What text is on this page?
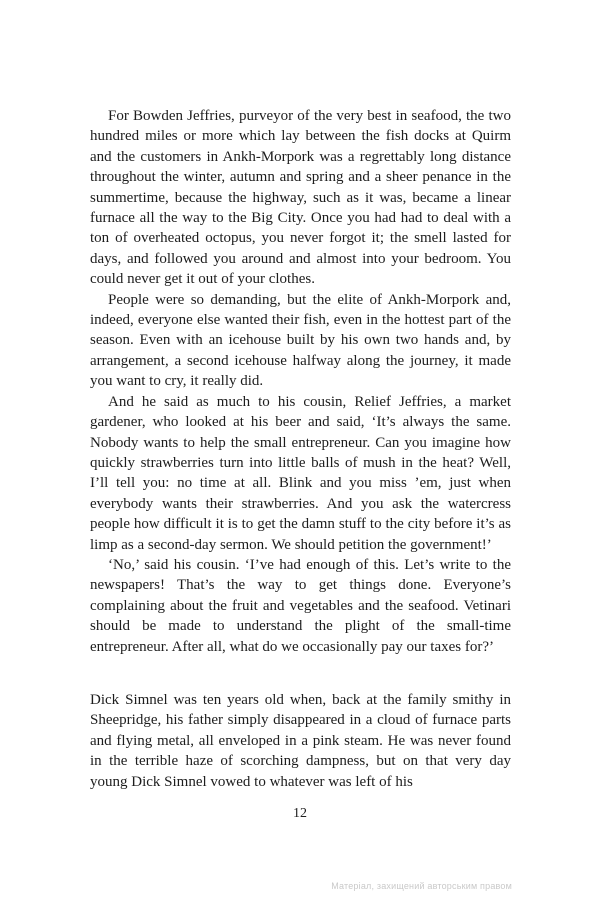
For Bowden Jeffries, purveyor of the very best in seafood, the two hundred miles or more which lay between the fish docks at Quirm and the customers in Ankh-Morpork was a regrettably long distance throughout the winter, autumn and spring and a sheer penance in the summertime, because the highway, such as it was, became a linear furnace all the way to the Big City. Once you had had to deal with a ton of overheated octopus, you never forgot it; the smell lasted for days, and followed you around and almost into your bedroom. You could never get it out of your clothes.

People were so demanding, but the elite of Ankh-Morpork and, indeed, everyone else wanted their fish, even in the hottest part of the season. Even with an icehouse built by his own two hands and, by arrangement, a second icehouse halfway along the journey, it made you want to cry, it really did.

And he said as much to his cousin, Relief Jeffries, a market gardener, who looked at his beer and said, ‘It’s always the same. Nobody wants to help the small entrepreneur. Can you imagine how quickly strawberries turn into little balls of mush in the heat? Well, I’ll tell you: no time at all. Blink and you miss ’em, just when everybody wants their strawberries. And you ask the watercress people how difficult it is to get the damn stuff to the city before it’s as limp as a second-day sermon. We should petition the government!’

‘No,’ said his cousin. ‘I’ve had enough of this. Let’s write to the newspapers! That’s the way to get things done. Everyone’s complaining about the fruit and vegetables and the seafood. Vetinari should be made to understand the plight of the small-time entrepreneur. After all, what do we occasionally pay our taxes for?’

Dick Simnel was ten years old when, back at the family smithy in Sheepridge, his father simply disappeared in a cloud of furnace parts and flying metal, all enveloped in a pink steam. He was never found in the terrible haze of scorching dampness, but on that very day young Dick Simnel vowed to whatever was left of his

12
Матеріал, захищений авторським правом
